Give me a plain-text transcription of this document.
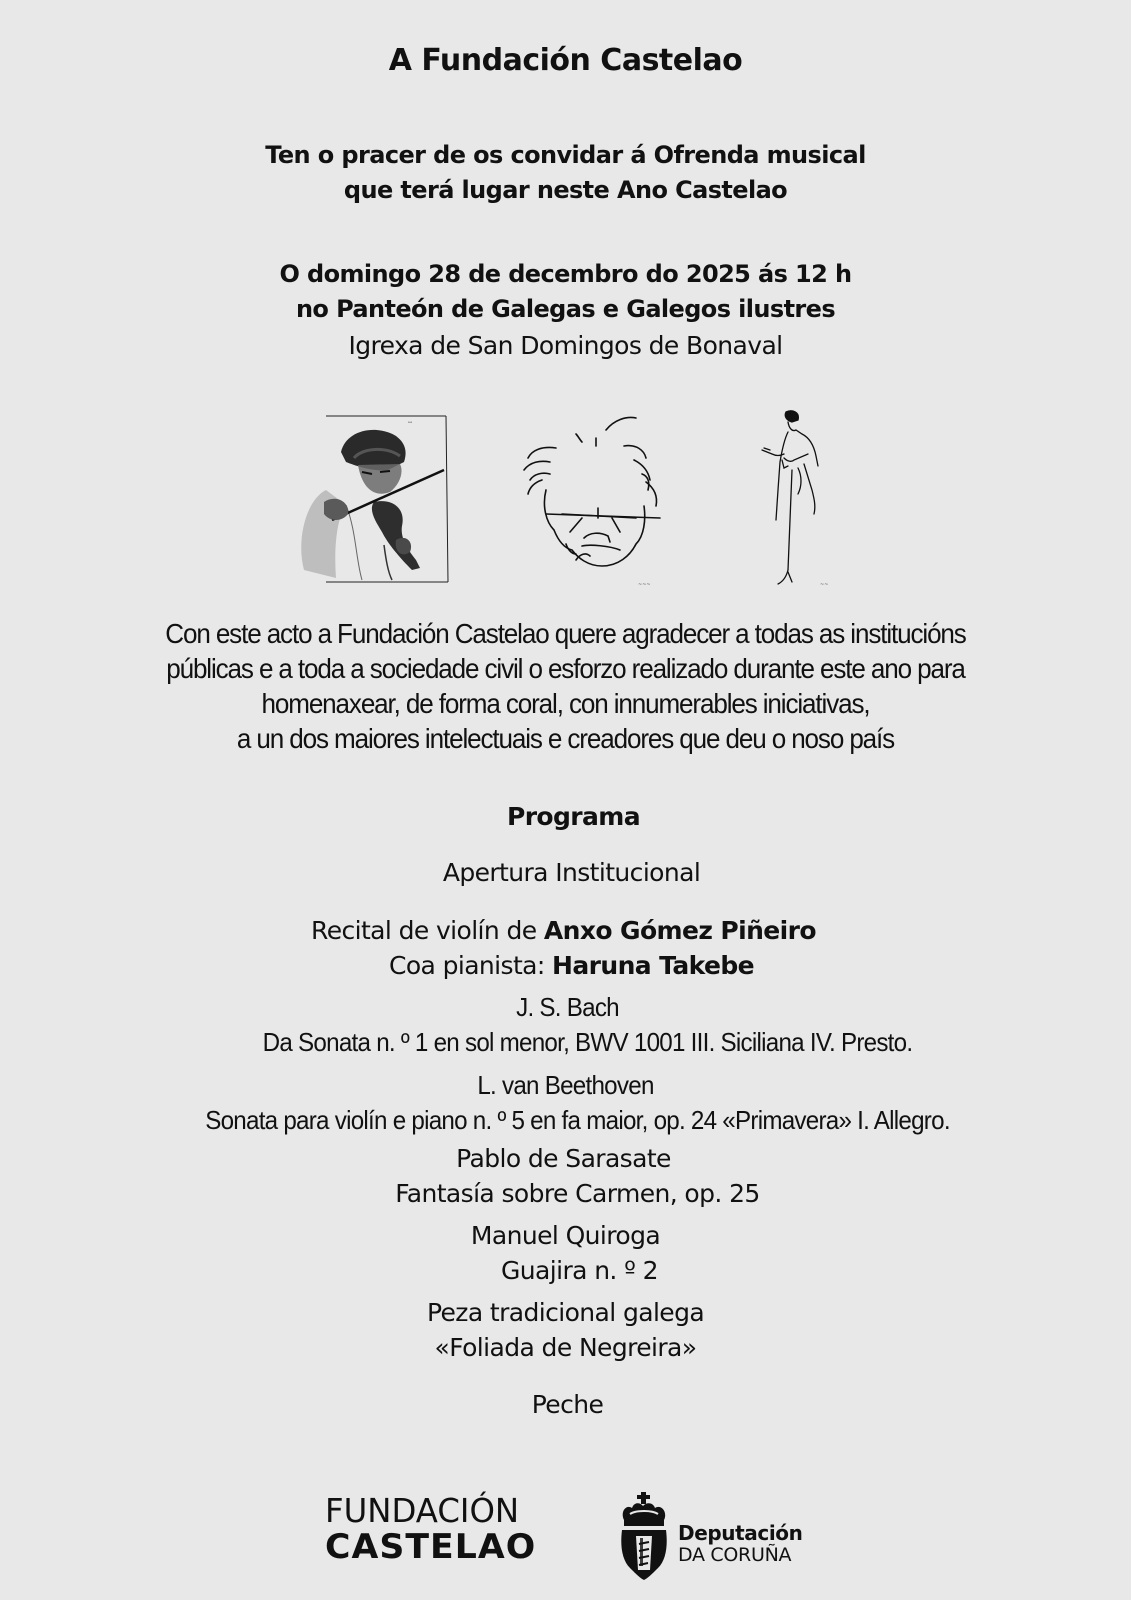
A Fundación Castelao
Ten o pracer de os convidar á Ofrenda musical
que terá lugar neste Ano Castelao
O domingo 28 de decembro do 2025 ás 12 h
no Panteón de Galegas e Galegos ilustres
Igrexa de San Domingos de Bonaval
ꟷ
~~~	~~
Con este acto a Fundación Castelao quere agradecer a todas as institucións
públicas e a toda a sociedade civil o esforzo realizado durante este ano para
homenaxear, de forma coral, con innumerables iniciativas,
a un dos maiores intelectuais e creadores que deu o noso país
Programa
Apertura Institucional
Recital de violín de Anxo Gómez Piñeiro
Coa pianista: Haruna Takebe
J. S. Bach
Da Sonata n. º 1 en sol menor, BWV 1001 III. Siciliana IV. Presto.
L. van Beethoven
Sonata para violín e piano n. º 5 en fa maior, op. 24 «Primavera» I. Allegro.
Pablo de Sarasate
Fantasía sobre Carmen, op. 25
Manuel Quiroga
Guajira n. º 2
Peza tradicional galega
«Foliada de Negreira»
Peche
FUNDACIÓN
CASTELAO	Deputación
DA CORUÑA
